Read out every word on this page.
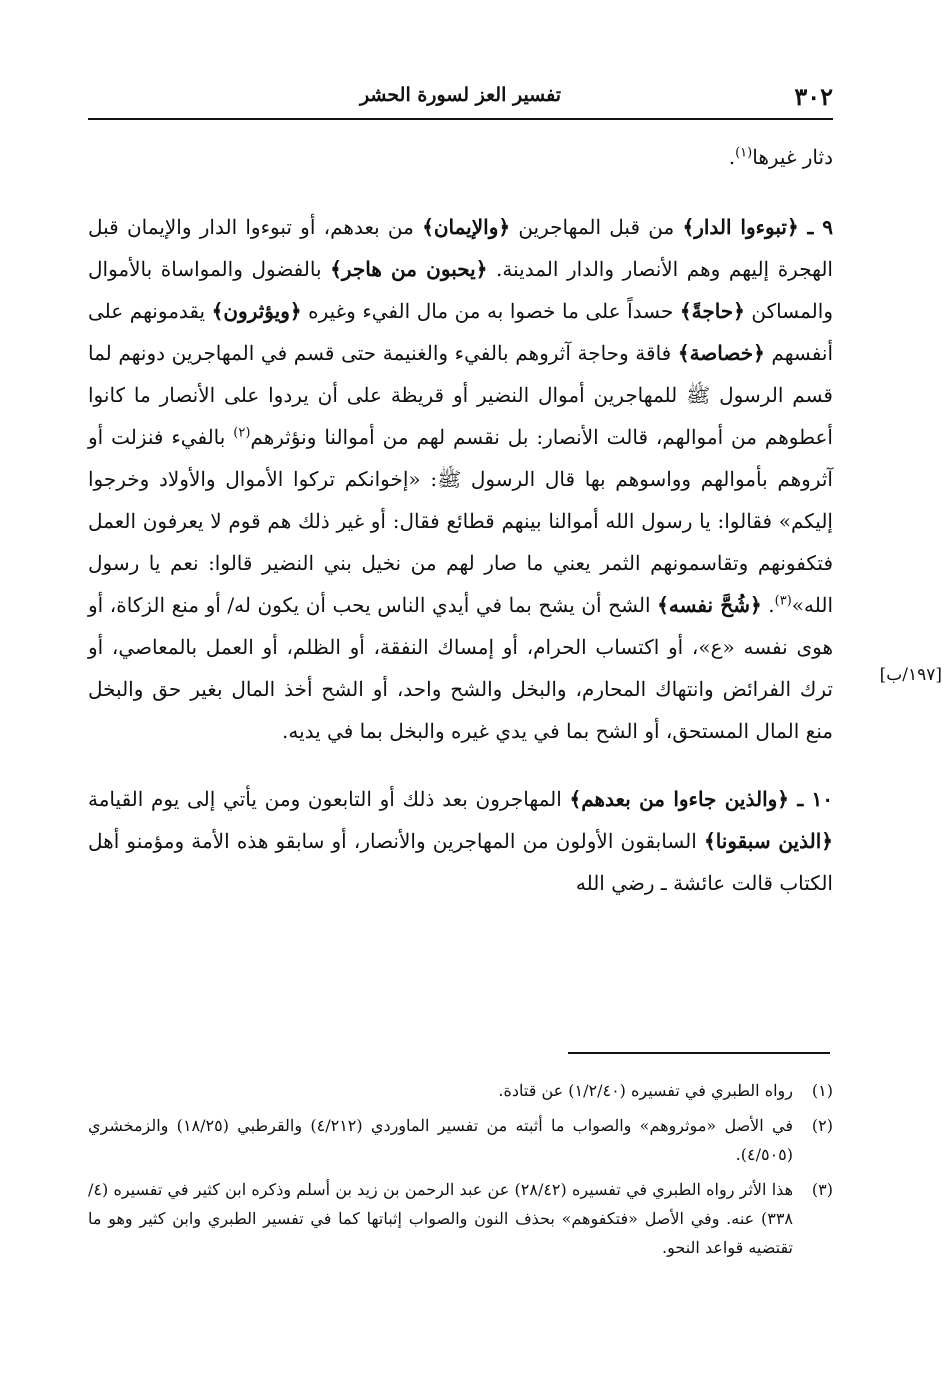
٣٠٢
تفسير العز لسورة الحشر
[١٩٧/ب]

دثار غيرها$^{(١)}$.

٩ ـ ﴿تبوءوا الدار﴾ من قبل المهاجرين ﴿والإيمان﴾ من بعدهم، أو تبوءوا الدار والإيمان قبل الهجرة إليهم وهم الأنصار والدار المدينة. ﴿يحبون من هاجر﴾ بالفضول والمواساة بالأموال والمساكن ﴿حاجةً﴾ حسداً على ما خصوا به من مال الفيء وغيره ﴿ويؤثرون﴾ يقدمونهم على أنفسهم ﴿خصاصة﴾ فاقة وحاجة آثروهم بالفيء والغنيمة حتى قسم في المهاجرين دونهم لما قسم الرسول ﷺ للمهاجرين أموال النضير أو قريظة على أن يردوا على الأنصار ما كانوا أعطوهم من أموالهم، قالت الأنصار: بل نقسم لهم من أموالنا ونؤثرهم$^{(٢)}$ بالفيء فنزلت أو آثروهم بأموالهم وواسوهم بها قال الرسول ﷺ: «إخوانكم تركوا الأموال والأولاد وخرجوا إليكم» فقالوا: يا رسول الله أموالنا بينهم قطائع فقال: أو غير ذلك هم قوم لا يعرفون العمل فتكفونهم وتقاسمونهم الثمر يعني ما صار لهم من نخيل بني النضير قالوا: نعم يا رسول الله»$^{(٣)}$. ﴿شُحَّ نفسه﴾ الشح أن يشح بما في أيدي الناس يحب أن يكون له/ أو منع الزكاة، أو هوى نفسه «ع»، أو اكتساب الحرام، أو إمساك النفقة، أو الظلم، أو العمل بالمعاصي، أو ترك الفرائض وانتهاك المحارم، والبخل والشح واحد، أو الشح أخذ المال بغير حق والبخل منع المال المستحق، أو الشح بما في يدي غيره والبخل بما في يديه.

١٠ ـ ﴿والذين جاءوا من بعدهم﴾ المهاجرون بعد ذلك أو التابعون ومن يأتي إلى يوم القيامة ﴿الذين سبقونا﴾ السابقون الأولون من المهاجرين والأنصار، أو سابقو هذه الأمة ومؤمنو أهل الكتاب قالت عائشة ـ رضي الله

(١)
رواه الطبري في تفسيره (١/٢/٤٠) عن قتادة.
(٢)
في الأصل «موثروهم» والصواب ما أثبته من تفسير الماوردي (٤/٢١٢) والقرطبي (١٨/٢٥) والزمخشري (٤/٥٠٥).
(٣)
هذا الأثر رواه الطبري في تفسيره (٢٨/٤٢) عن عبد الرحمن بن زيد بن أسلم وذكره ابن كثير في تفسيره (٤/ ٣٣٨) عنه. وفي الأصل «فتكفوهم» بحذف النون والصواب إثباتها كما في تفسير الطبري وابن كثير وهو ما تقتضيه قواعد النحو.
